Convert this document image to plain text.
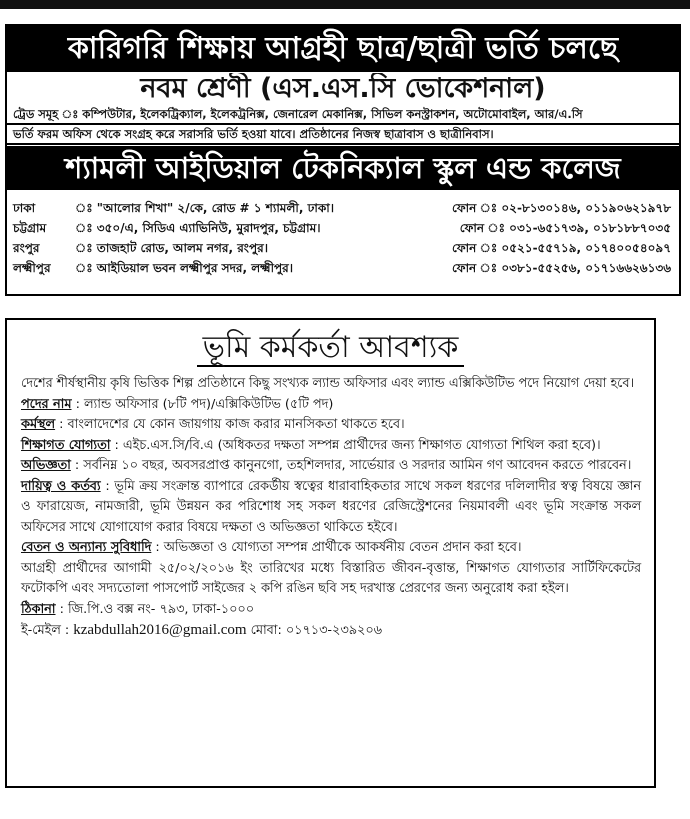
কারিগরি শিক্ষায় আগ্রহী ছাত্র/ছাত্রী ভর্তি চলছে
নবম শ্রেণী (এস.এস.সি ভোকেশনাল)
ট্রেড সমূহ ঃ কম্পিউটার, ইলেকট্রিক্যাল, ইলেকট্রনিক্স, জেনারেল মেকানিক্স, সিভিল কনস্ট্রাকশন, অটোমোবাইল, আর/এ.সি
ভর্তি ফরম অফিস থেকে সংগ্রহ করে সরাসরি ভর্তি হওয়া যাবে। প্রতিষ্ঠানের নিজস্ব ছাত্রাবাস ও ছাত্রীনিবাস।
শ্যামলী আইডিয়াল টেকনিক্যাল স্কুল এন্ড কলেজ
ঢাকা	ঃ "আলোর শিখা" ২/কে, রোড # ১ শ্যামলী, ঢাকা।	ফোন ঃ ০২-৮১৩০১৪৬, ০১১৯০৬২১৯৭৮
চট্টগ্রাম	ঃ ৩৫০/এ, সিডিএ এ্যাভিনিউ, মুরাদপুর, চট্টগ্রাম।	ফোন ঃ ০৩১-৬৫১৭৩৯, ০১৮১৮৮৭০৩৫
রংপুর	ঃ তাজহাট রোড, আলম নগর, রংপুর।	ফোন ঃ ০৫২১-৫৫৭১৯, ০১৭৪০০৫৪০৯৭
লক্ষ্মীপুর	ঃ আইডিয়াল ভবন লক্ষ্মীপুর সদর, লক্ষ্মীপুর।	ফোন ঃ ০৩৮১-৫৫২৫৬, ০১৭১৬৬২৬১৩৬
ভূমি কর্মকর্তা আবশ্যক

দেশের শীর্ষস্থানীয় কৃষি ভিত্তিক শিল্প প্রতিষ্ঠানে কিছু সংখ্যক ল্যান্ড অফিসার এবং ল্যান্ড এক্সিকিউটিভ পদে নিয়োগ দেয়া হবে।

পদের নাম : ল্যান্ড অফিসার (৮টি পদ)/এক্সিকিউটিভ (৫টি পদ)

কর্মস্থল : বাংলাদেশের যে কোন জায়গায় কাজ করার মানসিকতা থাকতে হবে।

শিক্ষাগত যোগ্যতা : এইচ.এস.সি/বি.এ (অধিকতর দক্ষতা সম্পন্ন প্রার্থীদের জন্য শিক্ষাগত যোগ্যতা শিথিল করা হবে)।

অভিজ্ঞতা : সর্বনিম্ন ১০ বছর, অবসরপ্রাপ্ত কানুনগো, তহশিলদার, সার্ভেয়ার ও সরদার আমিন গণ আবেদন করতে পারবেন।

দায়িত্ব ও কর্তব্য : ভূমি ক্রয় সংক্রান্ত ব্যাপারে রেকর্ডীয় স্বত্বের ধারাবাহিকতার সাথে সকল ধরণের দলিলাদীর স্বত্ব বিষয়ে জ্ঞান ও ফারায়েজ, নামজারী, ভূমি উন্নয়ন কর পরিশোধ সহ সকল ধরণের রেজিস্ট্রেশনের নিয়মাবলী এবং ভূমি সংক্রান্ত সকল অফিসের সাথে যোগাযোগ করার বিষয়ে দক্ষতা ও অভিজ্ঞতা থাকিতে হইবে।

বেতন ও অন্যান্য সুবিধাদি : অভিজ্ঞতা ও যোগ্যতা সম্পন্ন প্রার্থীকে আকর্ষনীয় বেতন প্রদান করা হবে।

আগ্রহী প্রার্থীদের আগামী ২৫/০২/২০১৬ ইং তারিখের মধ্যে বিস্তারিত জীবন-বৃত্তান্ত, শিক্ষাগত যোগ্যতার সার্টিফিকেটের ফটোকপি এবং সদ্যতোলা পাসপোর্ট সাইজের ২ কপি রঙিন ছবি সহ দরখাস্ত প্রেরণের জন্য অনুরোধ করা হইল।

ঠিকানা : জি.পি.ও বক্স নং- ৭৯৩, ঢাকা-১০০০

ই-মেইল : kzabdullah2016@gmail.com মোবা: ০১৭১৩-২৩৯২০৬
